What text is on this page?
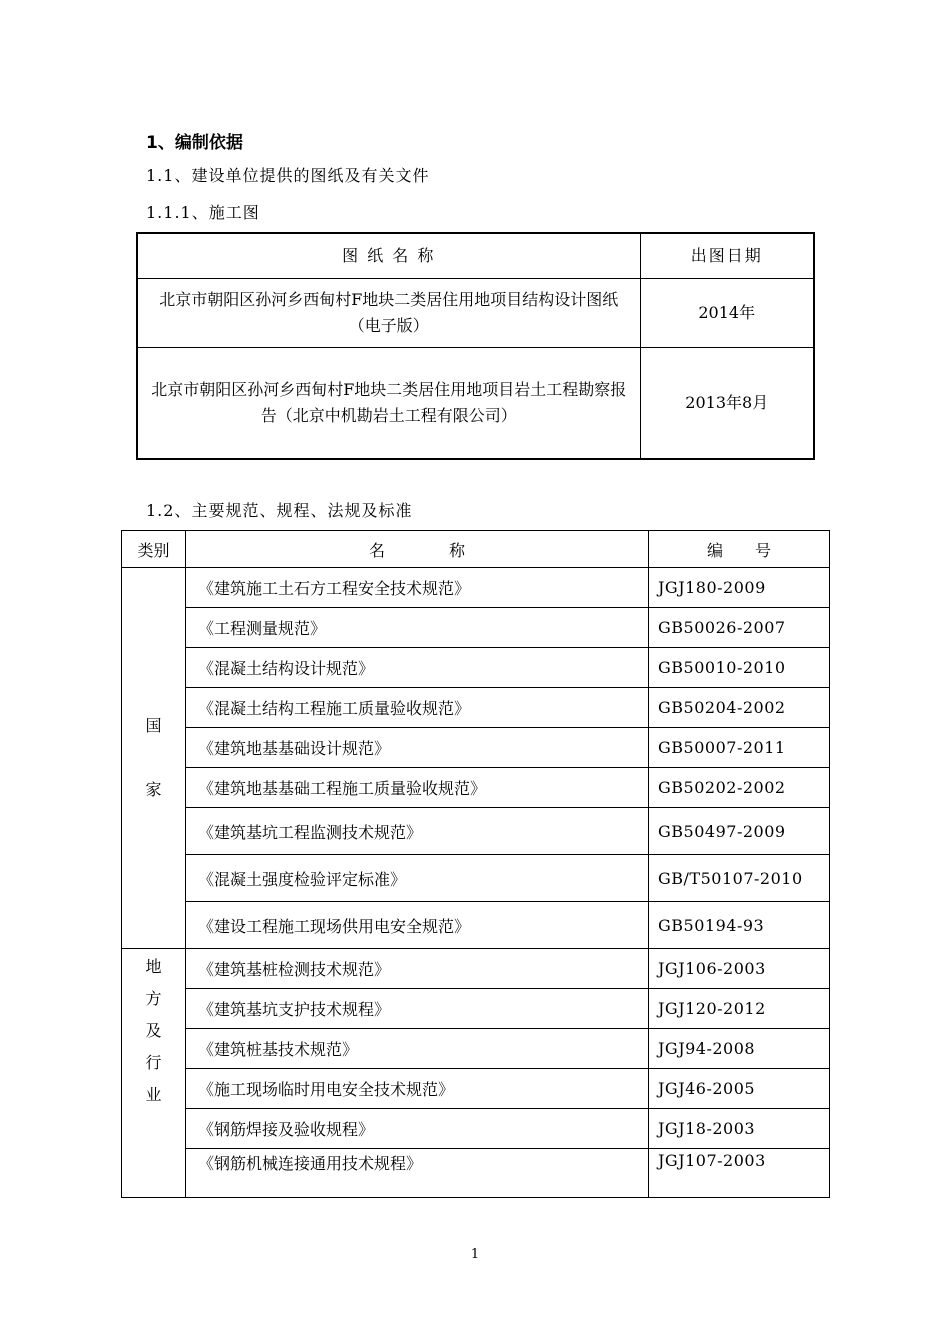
1、编制依据
1.1、建设单位提供的图纸及有关文件
1.1.1、施工图
图 纸 名 称	出图日期
北京市朝阳区孙河乡西甸村F地块二类居住用地项目结构设计图纸（电子版）	2014年
北京市朝阳区孙河乡西甸村F地块二类居住用地项目岩土工程勘察报告（北京中机勘岩土工程有限公司）	2013年8月
1.2、主要规范、规程、法规及标准
类别	名　　　　称	编　　号
国

家	《建筑施工土石方工程安全技术规范》	JGJ180-2009
	《工程测量规范》	GB50026-2007
	《混凝土结构设计规范》	GB50010-2010
	《混凝土结构工程施工质量验收规范》	GB50204-2002
	《建筑地基基础设计规范》	GB50007-2011
	《建筑地基基础工程施工质量验收规范》	GB50202-2002
	《建筑基坑工程监测技术规范》	GB50497-2009
	《混凝土强度检验评定标准》	GB/T50107-2010
	《建设工程施工现场供用电安全规范》	GB50194-93
地
方
及
行
业	《建筑基桩检测技术规范》	JGJ106-2003
	《建筑基坑支护技术规程》	JGJ120-2012
	《建筑桩基技术规范》	JGJ94-2008
	《施工现场临时用电安全技术规范》	JGJ46-2005
	《钢筋焊接及验收规程》	JGJ18-2003
	《钢筋机械连接通用技术规程》	JGJ107-2003
1
